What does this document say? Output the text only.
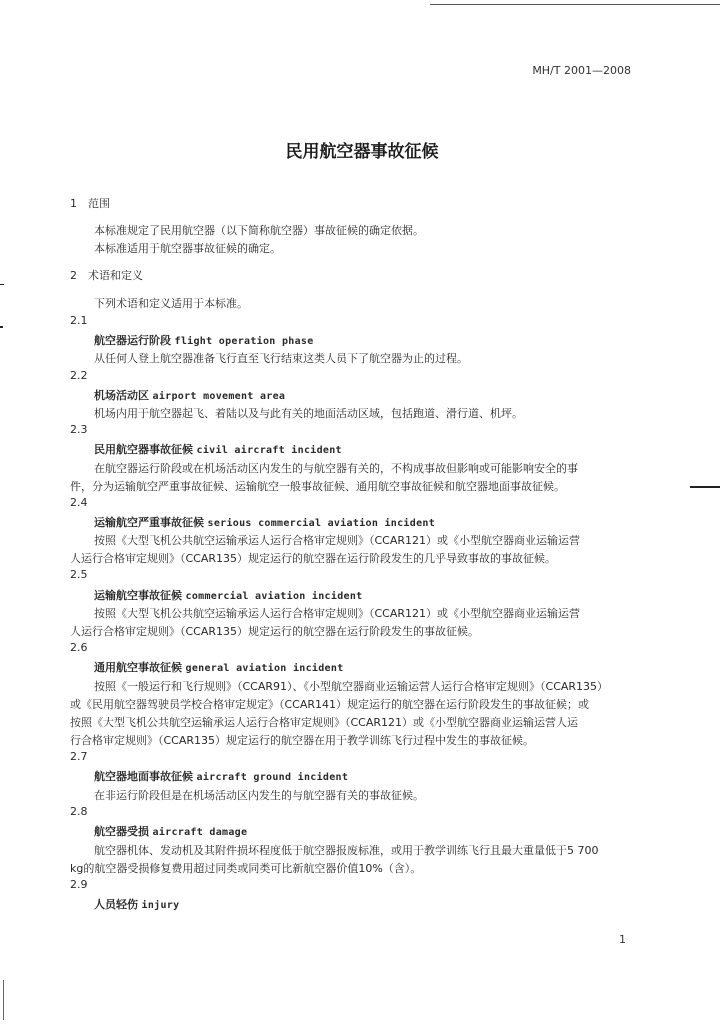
MH/T 2001—2008
民用航空器事故征候
1　范围
本标准规定了民用航空器（以下简称航空器）事故征候的确定依据。
本标准适用于航空器事故征候的确定。
2　术语和定义
下列术语和定义适用于本标准。
2.1
航空器运行阶段 flight operation phase
从任何人登上航空器准备飞行直至飞行结束这类人员下了航空器为止的过程。
2.2
机场活动区 airport movement area
机场内用于航空器起飞、着陆以及与此有关的地面活动区域，包括跑道、滑行道、机坪。
2.3
民用航空器事故征候 civil aircraft incident
在航空器运行阶段或在机场活动区内发生的与航空器有关的，不构成事故但影响或可能影响安全的事
件，分为运输航空严重事故征候、运输航空一般事故征候、通用航空事故征候和航空器地面事故征候。
2.4
运输航空严重事故征候 serious commercial aviation incident
按照《大型飞机公共航空运输承运人运行合格审定规则》（CCAR121）或《小型航空器商业运输运营
人运行合格审定规则》（CCAR135）规定运行的航空器在运行阶段发生的几乎导致事故的事故征候。
2.5
运输航空事故征候 commercial aviation incident
按照《大型飞机公共航空运输承运人运行合格审定规则》（CCAR121）或《小型航空器商业运输运营
人运行合格审定规则》（CCAR135）规定运行的航空器在运行阶段发生的事故征候。
2.6
通用航空事故征候 general aviation incident
按照《一般运行和飞行规则》（CCAR91）、《小型航空器商业运输运营人运行合格审定规则》（CCAR135）
或《民用航空器驾驶员学校合格审定规定》（CCAR141）规定运行的航空器在运行阶段发生的事故征候；或
按照《大型飞机公共航空运输承运人运行合格审定规则》（CCAR121）或《小型航空器商业运输运营人运
行合格审定规则》（CCAR135）规定运行的航空器在用于教学训练飞行过程中发生的事故征候。
2.7
航空器地面事故征候 aircraft ground incident
在非运行阶段但是在机场活动区内发生的与航空器有关的事故征候。
2.8
航空器受损 aircraft damage
航空器机体、发动机及其附件损坏程度低于航空器报废标准，或用于教学训练飞行且最大重量低于5 700
kg的航空器受损修复费用超过同类或同类可比新航空器价值10%（含）。
2.9
人员轻伤 injury
1
